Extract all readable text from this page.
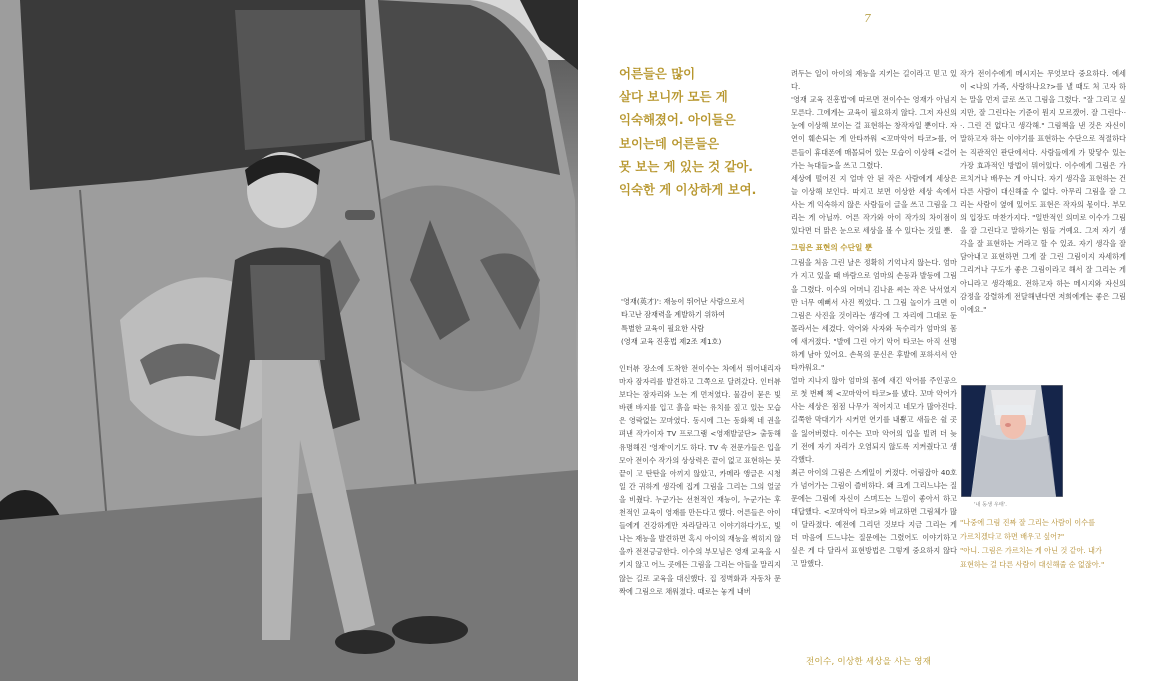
7
어른들은 많이
살다 보니까 모든 게
익숙해졌어. 아이들은
보이는데 어른들은
못 보는 게 있는 것 같아.
익숙한 게 이상하게 보여.
'영재(英才)': 재능이 뛰어난 사람으로서
타고난 잠재력을 계발하기 위하여
특별한 교육이 필요한 사람
(영재 교육 진흥법 제2조 제1호)

인터뷰 장소에 도착한 전이수는 차에서 뛰어내리자마자 잠자리를 발견하고 그쪽으로 달려갔다. 인터뷰보다는 잠자리와 노는 게 먼저였다. 물감이 묻은 빛바랜 바지를 입고 흙을 따는 유치를 짚고 있는 모습은 영락없는 꼬마였다. 동시에 그는 동화책 네 권을 펴낸 작가이자 TV 프로그램 <영재발굴단> 출동해 유명해진 '영재'이기도 하다. TV 속 전문가들은 입을 모아 전이수 작가의 상상력은 끝이 없고 표현하는 붓끝이 고 탄탄을 아끼지 않았고, 카메라 앵글은 시청일 간 귀하게 생각에 집게 그림을 그리는 그의 얼굴을 비췄다. 누군가는 선천적인 재능이, 누군가는 후천적인 교육이 영재를 만든다고 했다. 어른들은 아이들에게 건강하게만 자라달라고 이야기하다가도, 빛나는 재능을 발견하면 혹시 아이의 재능을 썩히지 않을까 전전긍긍한다. 이수의 부모님은 영재 교육을 시키지 않고 어느 곳에든 그림을 그리는 아들을 말리지 않는 길로 교육을 대신했다. 집 정벽화과 자동차 문짝에 그림으로 채워졌다. 때로는 놓게 내버

려두는 일이 아이의 재능을 지키는 길이라고 믿고 있다.
'영재 교육 진흥법'에 따르면 전이수는 영재가 아님지 모른다. 그에게는 교육이 필요하지 않다. 그저 자신의 눈에 이상해 보이는 걸 표현하는 창작자일 뿐이다. 자연이 훼손되는 게 안타까워 <꼬마악어 타코>를, 어른들이 휴대폰에 매몰되어 있는 모습이 이상해 <걸어가는 늑대들>을 쓰고 그렸다.
세상에 떨어진 지 얼마 안 된 작은 사람에게 세상은 늘 이상해 보인다. 따지고 보면 이상한 세상 속에서 사는 게 익숙하지 않은 사람들이 글을 쓰고 그림을 그리는 게 아닐까. 어른 작가와 아이 작가의 차이점이 있다면 더 맑은 눈으로 세상을 볼 수 있다는 것일 뿐.

그림은 표현의 수단일 뿐

그림을 처음 그린 날은 정확히 기억나지 않는다. 엄마가 지고 있을 때 바람으로 엄마의 손등과 발등에 그림을 그렸다. 이수의 어머니 김나윤 씨는 작은 낙서였지만 너무 예뻐서 사진 찍었다. 그 그림 놀이가 크면 이 그림은 사진을 것이라는 생각에 그 자리에 그대로 둔 몰라서는 세겼다. 악어와 사자와 독수리가 엄마의 몸에 새겨졌다. "발에 그린 아기 악어 타코는 아직 선명하게 남아 있어요. 손목의 문신은 후발에 포하셔서 안타까워요."
얼마 지나지 않아 엄마의 몸에 새긴 악어를 주인공으로 첫 번째 책 <꼬마악어 타코>를 냈다. 꼬마 악어가 사는 세상은 점점 나무가 적어지고 네모가 많아진다. 길쭉한 막대기가 시커먼 연기를 내뿜고 새들은 쉴 곳을 잃어버렸다. 이수는 꼬마 악어의 입을 빌려 더 늦기 전에 자기 자리가 오염되지 않도록 지켜줬다고 생각했다.
최근 아이의 그림은 스케일이 커졌다. 어림잡아 40호가 넘어가는 그림이 즐비하다. 왜 크게 그리느냐는 질문에는 그림에 자신이 스며드는 느낌이 좋아서 하고 대답했다. <꼬마악어 타코>와 비교하면 그림체가 많이 달라졌다. 예전에 그리던 것보다 지금 그리는 게 더 마음에 드느냐는 질문에는 그렸어도 이야기하고 싶은 게 다 달라서 표현방법은 그렇게 중요하지 않다고 말했다.

작가 전이수에게 메시지는 무엇보다 중요하다. 에세이 <나의 가족, 사랑하나요?>를 낼 때도 처 고자 하는 말을 먼저 글로 쓰고 그림을 그렸다. "잘 그리고 싶지만, 잘 그린다는 기준이 뭔지 모르겠어. 잘 그린다···. 그린 건 없다고 생각해." 그림책을 낸 것은 자신이 말하고자 하는 이야기를 표현하는 수단으로 적절하다는 직관적인 판단에서다. 사람들에게 가 맞닿수 있는 가장 효과적인 방법이 뭐어있다. 이수에게 그림은 가르치거나 배우는 게 아니다. 자기 생각을 표현하는 건 다른 사람이 대신해줄 수 없다. 아무리 그림을 잘 그리는 사람이 옆에 있어도 표현은 작자의 몫이다. 부모의 입장도 마찬가지다. "일반적인 의미로 이수가 그림을 잘 그린다고 말하기는 힘들 거예요. 그저 자기 생각을 잘 표현하는 거라고 할 수 있죠. 자기 생각을 잘 담아내고 표현하면 그게 잘 그린 그림이지 자세하게 그리거나 구도가 좋은 그림이라고 해서 잘 그리는 게 아니라고 생각해요. 전하고자 하는 메시지와 자신의 감정을 강렬하게 전달해낸다면 저희에게는 좋은 그림이에요."

'내 동생 우태'.
"나중에 그림 진짜 잘 그리는 사람이 이수를
가르치겠다고 하면 배우고 싶어?"
"아니. 그림은 가르치는 게 아닌 것 같아. 내가
표현하는 걸 다른 사람이 대신해줄 순 없잖아."
전이수, 이상한 세상을 사는 영재
